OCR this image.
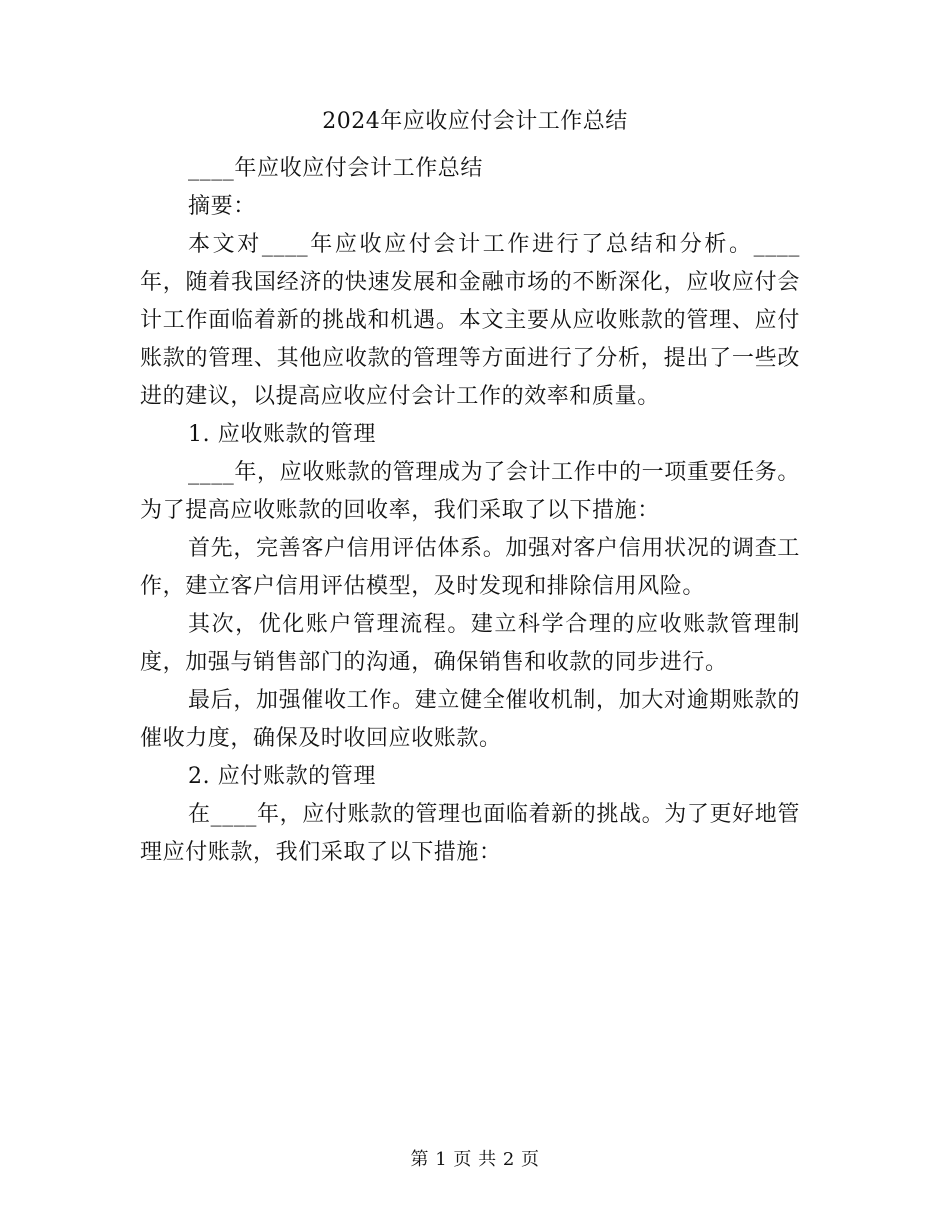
2024年应收应付会计工作总结

____年应收应付会计工作总结

摘要：

本文对____年应收应付会计工作进行了总结和分析。____年，随着我国经济的快速发展和金融市场的不断深化，应收应付会计工作面临着新的挑战和机遇。本文主要从应收账款的管理、应付账款的管理、其他应收款的管理等方面进行了分析，提出了一些改进的建议，以提高应收应付会计工作的效率和质量。

1. 应收账款的管理

____年，应收账款的管理成为了会计工作中的一项重要任务。为了提高应收账款的回收率，我们采取了以下措施：

首先，完善客户信用评估体系。加强对客户信用状况的调查工作，建立客户信用评估模型，及时发现和排除信用风险。

其次，优化账户管理流程。建立科学合理的应收账款管理制度，加强与销售部门的沟通，确保销售和收款的同步进行。

最后，加强催收工作。建立健全催收机制，加大对逾期账款的催收力度，确保及时收回应收账款。

2. 应付账款的管理

在____年，应付账款的管理也面临着新的挑战。为了更好地管理应付账款，我们采取了以下措施：

第 1 页 共 2 页
